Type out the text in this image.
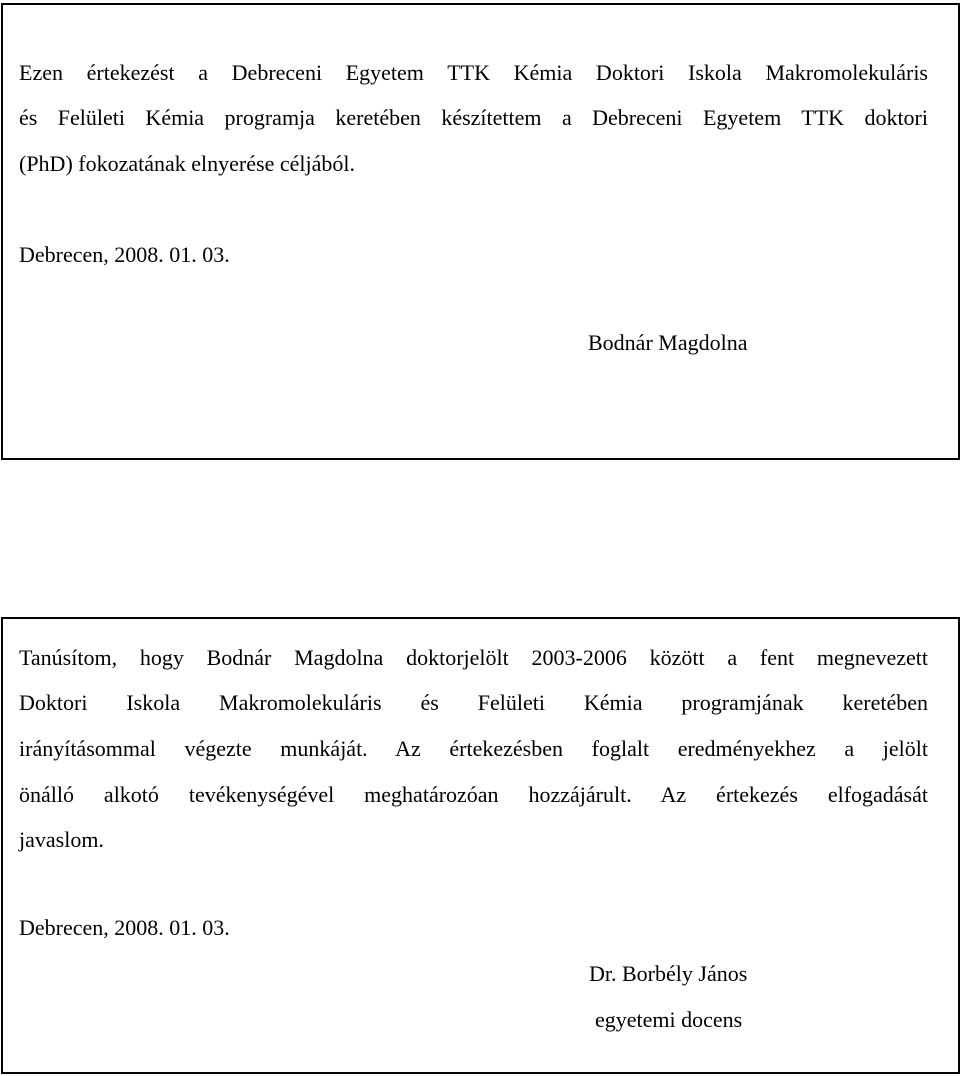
Ezen értekezést a Debreceni Egyetem TTK Kémia Doktori Iskola Makromolekuláris
és Felületi Kémia programja keretében készítettem a Debreceni Egyetem TTK doktori
(PhD) fokozatának elnyerése céljából.
Debrecen, 2008. 01. 03.
Bodnár Magdolna
Tanúsítom, hogy Bodnár Magdolna doktorjelölt 2003-2006 között a fent megnevezett
Doktori Iskola Makromolekuláris és Felületi Kémia programjának keretében
irányításommal végezte munkáját. Az értekezésben foglalt eredményekhez a jelölt
önálló alkotó tevékenységével meghatározóan hozzájárult. Az értekezés elfogadását
javaslom.
Debrecen, 2008. 01. 03.
Dr. Borbély János
egyetemi docens
